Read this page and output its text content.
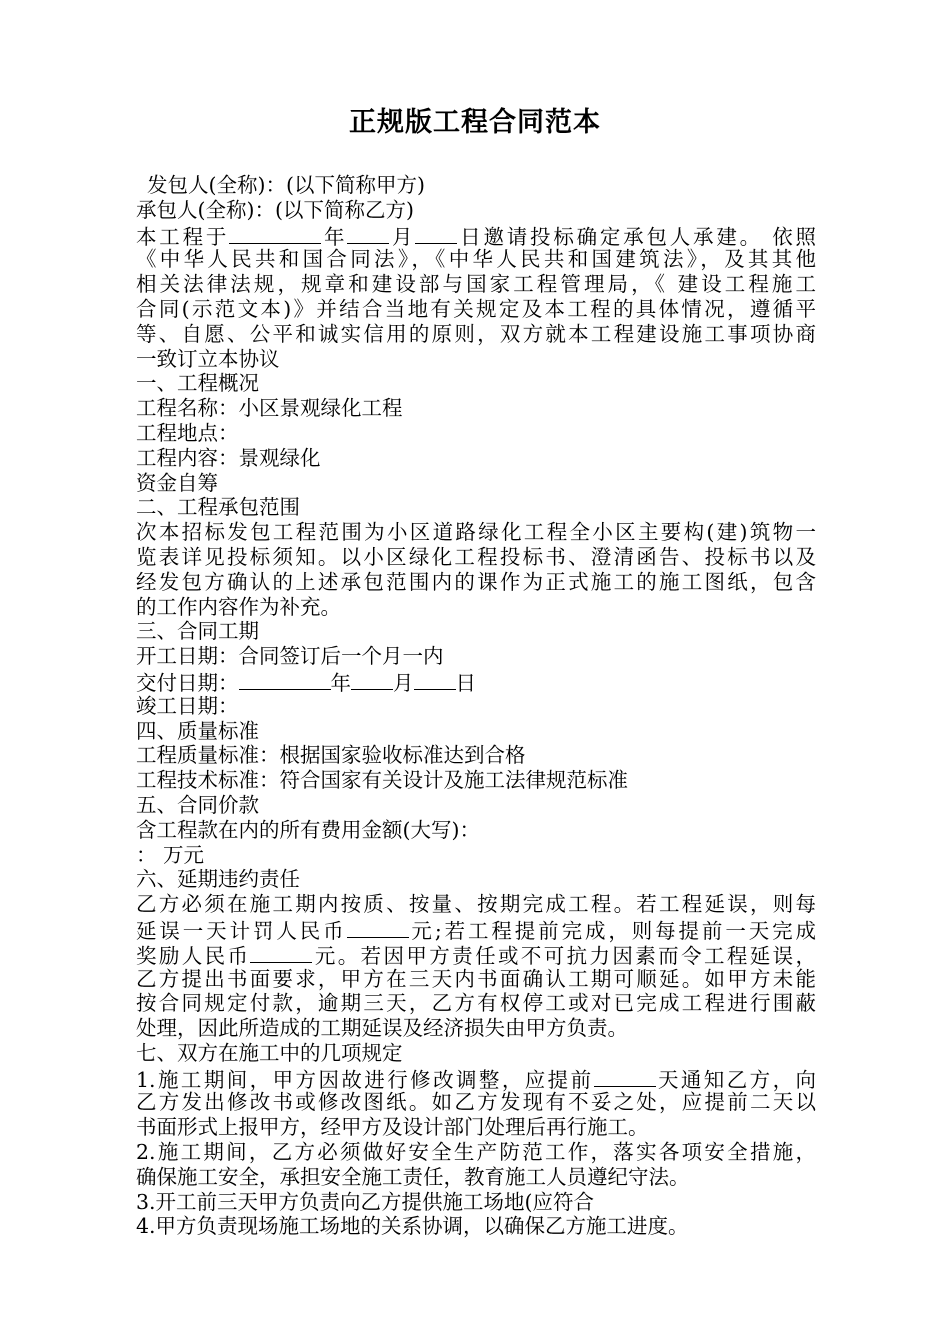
正规版工程合同范本
发包人(全称)：(以下简称甲方)
承包人(全称)：(以下简称乙方)
本工程于	年 月 日邀请投标确定承包人承建。 依照
《中华人民共和国合同法》，《中华人民共和国建筑法》，及其其他
相关法律法规，规章和建设部与国家工程管理局，《 建设工程施工
合同(示范文本)》并结合当地有关规定及本工程的具体情况，遵循平
等、自愿、公平和诚实信用的原则，双方就本工程建设施工事项协商
一致订立本协议
一、工程概况
工程名称：小区景观绿化工程
工程地点：
工程内容：景观绿化
资金自筹
二、工程承包范围
次本招标发包工程范围为小区道路绿化工程全小区主要构(建)筑物一
览表详见投标须知。以小区绿化工程投标书、澄清函告、投标书以及
经发包方确认的上述承包范围内的课作为正式施工的施工图纸，包含
的工作内容作为补充。
三、合同工期
开工日期：合同签订后一个月一内
交付日期：	年 月 日
竣工日期：
四、质量标准
工程质量标准：根据国家验收标准达到合格
工程技术标准：符合国家有关设计及施工法律规范标准
五、合同价款
含工程款在内的所有费用金额(大写)：
： 万元
六、延期违约责任
乙方必须在施工期内按质、按量、按期完成工程。若工程延误，则每
延误一天计罚人民币	元;若工程提前完成，则每提前一天完成
奖励人民币	元。若因甲方责任或不可抗力因素而令工程延误，
乙方提出书面要求，甲方在三天内书面确认工期可顺延。如甲方未能
按合同规定付款，逾期三天，乙方有权停工或对已完成工程进行围蔽
处理，因此所造成的工期延误及经济损失由甲方负责。
七、双方在施工中的几项规定
1.施工期间，甲方因故进行修改调整，应提前	天通知乙方，向
乙方发出修改书或修改图纸。如乙方发现有不妥之处，应提前二天以
书面形式上报甲方，经甲方及设计部门处理后再行施工。
2.施工期间，乙方必须做好安全生产防范工作，落实各项安全措施，
确保施工安全，承担安全施工责任，教育施工人员遵纪守法。
3.开工前三天甲方负责向乙方提供施工场地(应符合
4.甲方负责现场施工场地的关系协调，以确保乙方施工进度。
